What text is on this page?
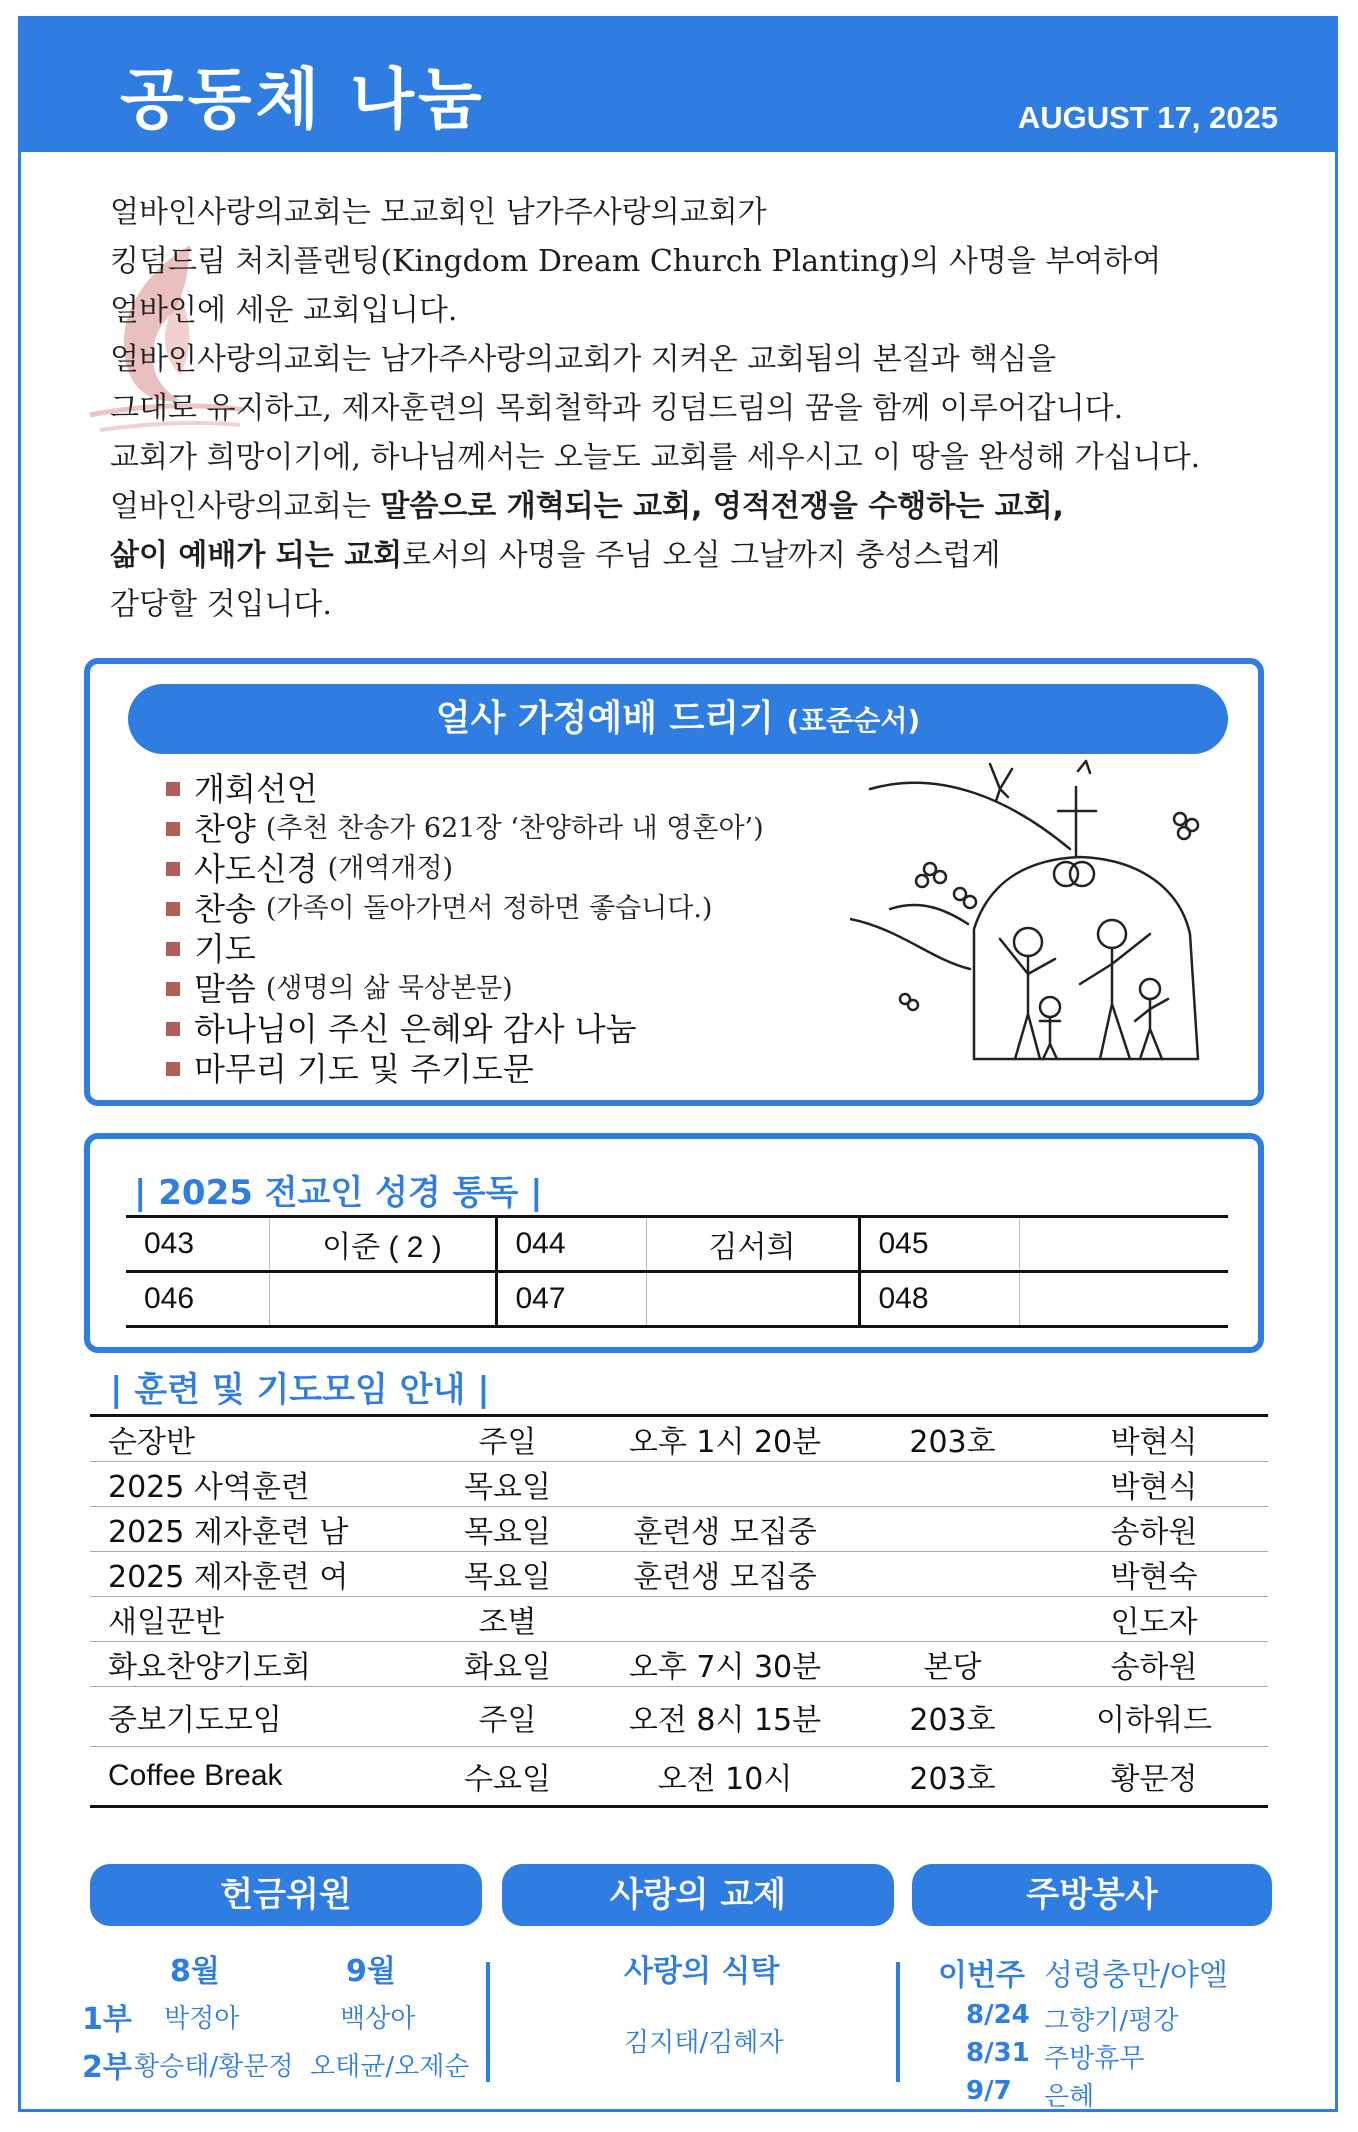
공동체 나눔	AUGUST 17, 2025
얼바인사랑의교회는 모교회인 남가주사랑의교회가
킹덤드림 처치플랜팅(Kingdom Dream Church Planting)의 사명을 부여하여
얼바인에 세운 교회입니다.
얼바인사랑의교회는 남가주사랑의교회가 지켜온 교회됨의 본질과 핵심을
그대로 유지하고, 제자훈련의 목회철학과 킹덤드림의 꿈을 함께 이루어갑니다.
교회가 희망이기에, 하나님께서는 오늘도 교회를 세우시고 이 땅을 완성해 가십니다.
얼바인사랑의교회는 말씀으로 개혁되는 교회, 영적전쟁을 수행하는 교회,
삶이 예배가 되는 교회로서의 사명을 주님 오실 그날까지 충성스럽게
감당할 것입니다.
얼사 가정예배 드리기 (표준순서)
개회선언
찬양 (추천 찬송가 621장 ‘찬양하라 내 영혼아’)
사도신경 (개역개정)
찬송 (가족이 돌아가면서 정하면 좋습니다.)
기도
말씀 (생명의 삶 묵상본문)
하나님이 주신 은혜와 감사 나눔
마무리 기도 및 주기도문
| 2025 전교인 성경 통독 |
043	이준 ( 2 )	044	김서희	045	
046		047		048	
| 훈련 및 기도모임 안내 |
순장반	주일	오후 1시 20분	203호	박현식
2025 사역훈련	목요일			박현식
2025 제자훈련 남	목요일	훈련생 모집중		송하원
2025 제자훈련 여	목요일	훈련생 모집중		박현숙
새일꾼반	조별			인도자
화요찬양기도회	화요일	오후 7시 30분	본당	송하원
중보기도모임	주일	오전 8시 15분	203호	이하워드
Coffee Break	수요일	오전 10시	203호	황문정
헌금위원	사랑의 교제	주방봉사
8월	9월
1부 박정아	백상아
2부 황승태/황문정 오태균/오제순
사랑의 식탁
김지태/김혜자
이번주 성령충만/야엘
8/24 그향기/평강
8/31 주방휴무
9/7 은혜
